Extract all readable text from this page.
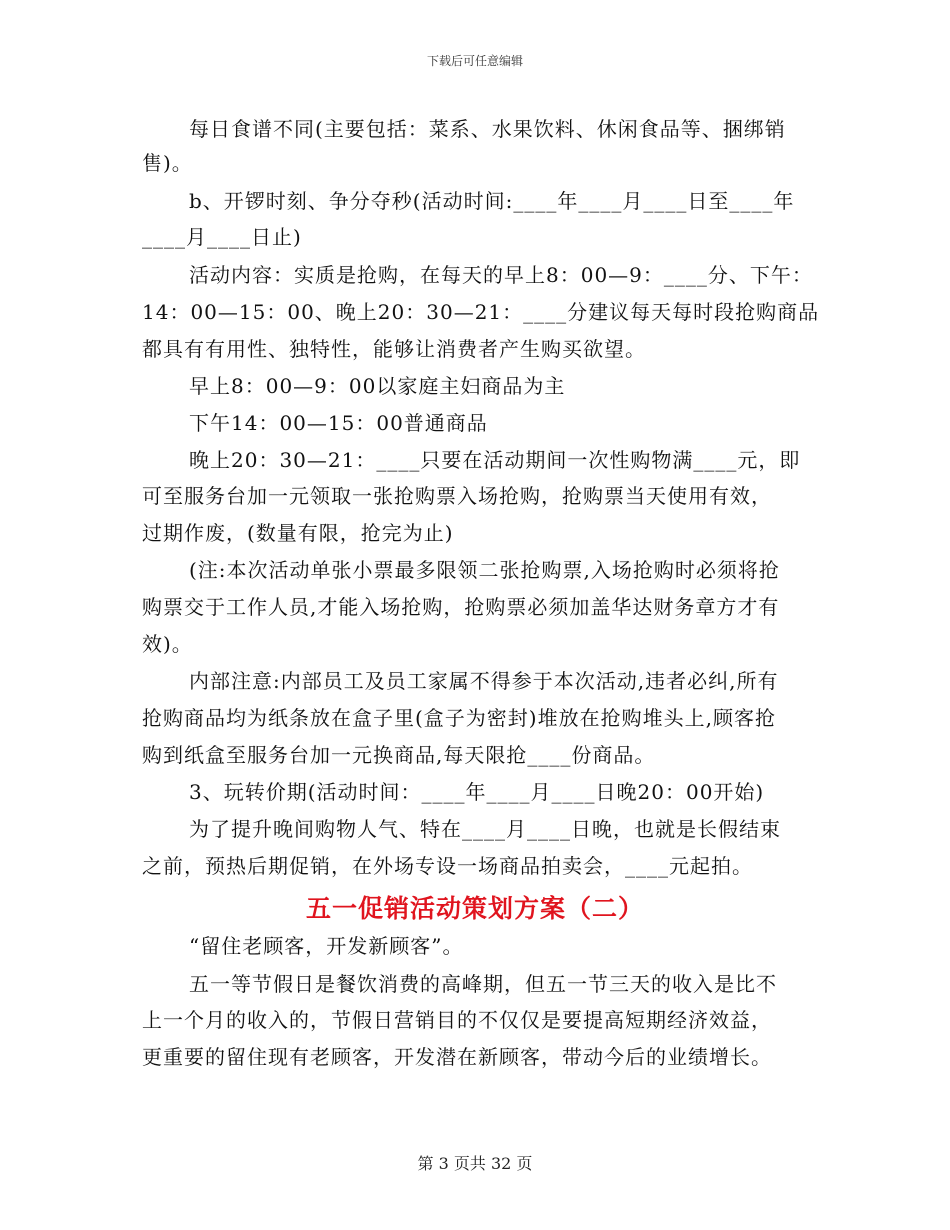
下载后可任意编辑
每日食谱不同(主要包括：菜系、水果饮料、休闲食品等、捆绑销
售)。
b、开锣时刻、争分夺秒(活动时间:____年____月____日至____年
____月____日止)
活动内容：实质是抢购，在每天的早上8：00—9：____分、下午：
14：00—15：00、晚上20：30—21：____分建议每天每时段抢购商品
都具有有用性、独特性，能够让消费者产生购买欲望。
早上8：00—9：00以家庭主妇商品为主
下午14：00—15：00普通商品
晚上20：30—21：____只要在活动期间一次性购物满____元，即
可至服务台加一元领取一张抢购票入场抢购，抢购票当天使用有效，
过期作废，(数量有限，抢完为止)
(注:本次活动单张小票最多限领二张抢购票,入场抢购时必须将抢
购票交于工作人员,才能入场抢购，抢购票必须加盖华达财务章方才有
效)。
内部注意:内部员工及员工家属不得参于本次活动,违者必纠,所有
抢购商品均为纸条放在盒子里(盒子为密封)堆放在抢购堆头上,顾客抢
购到纸盒至服务台加一元换商品,每天限抢____份商品。
3、玩转价期(活动时间：____年____月____日晚20：00开始)
为了提升晚间购物人气、特在____月____日晚，也就是长假结束
之前，预热后期促销，在外场专设一场商品拍卖会，____元起拍。
五一促销活动策划方案（二）
“留住老顾客，开发新顾客”。
五一等节假日是餐饮消费的高峰期，但五一节三天的收入是比不
上一个月的收入的，节假日营销目的不仅仅是要提高短期经济效益，
更重要的留住现有老顾客，开发潜在新顾客，带动今后的业绩增长。
第 3 页共 32 页
